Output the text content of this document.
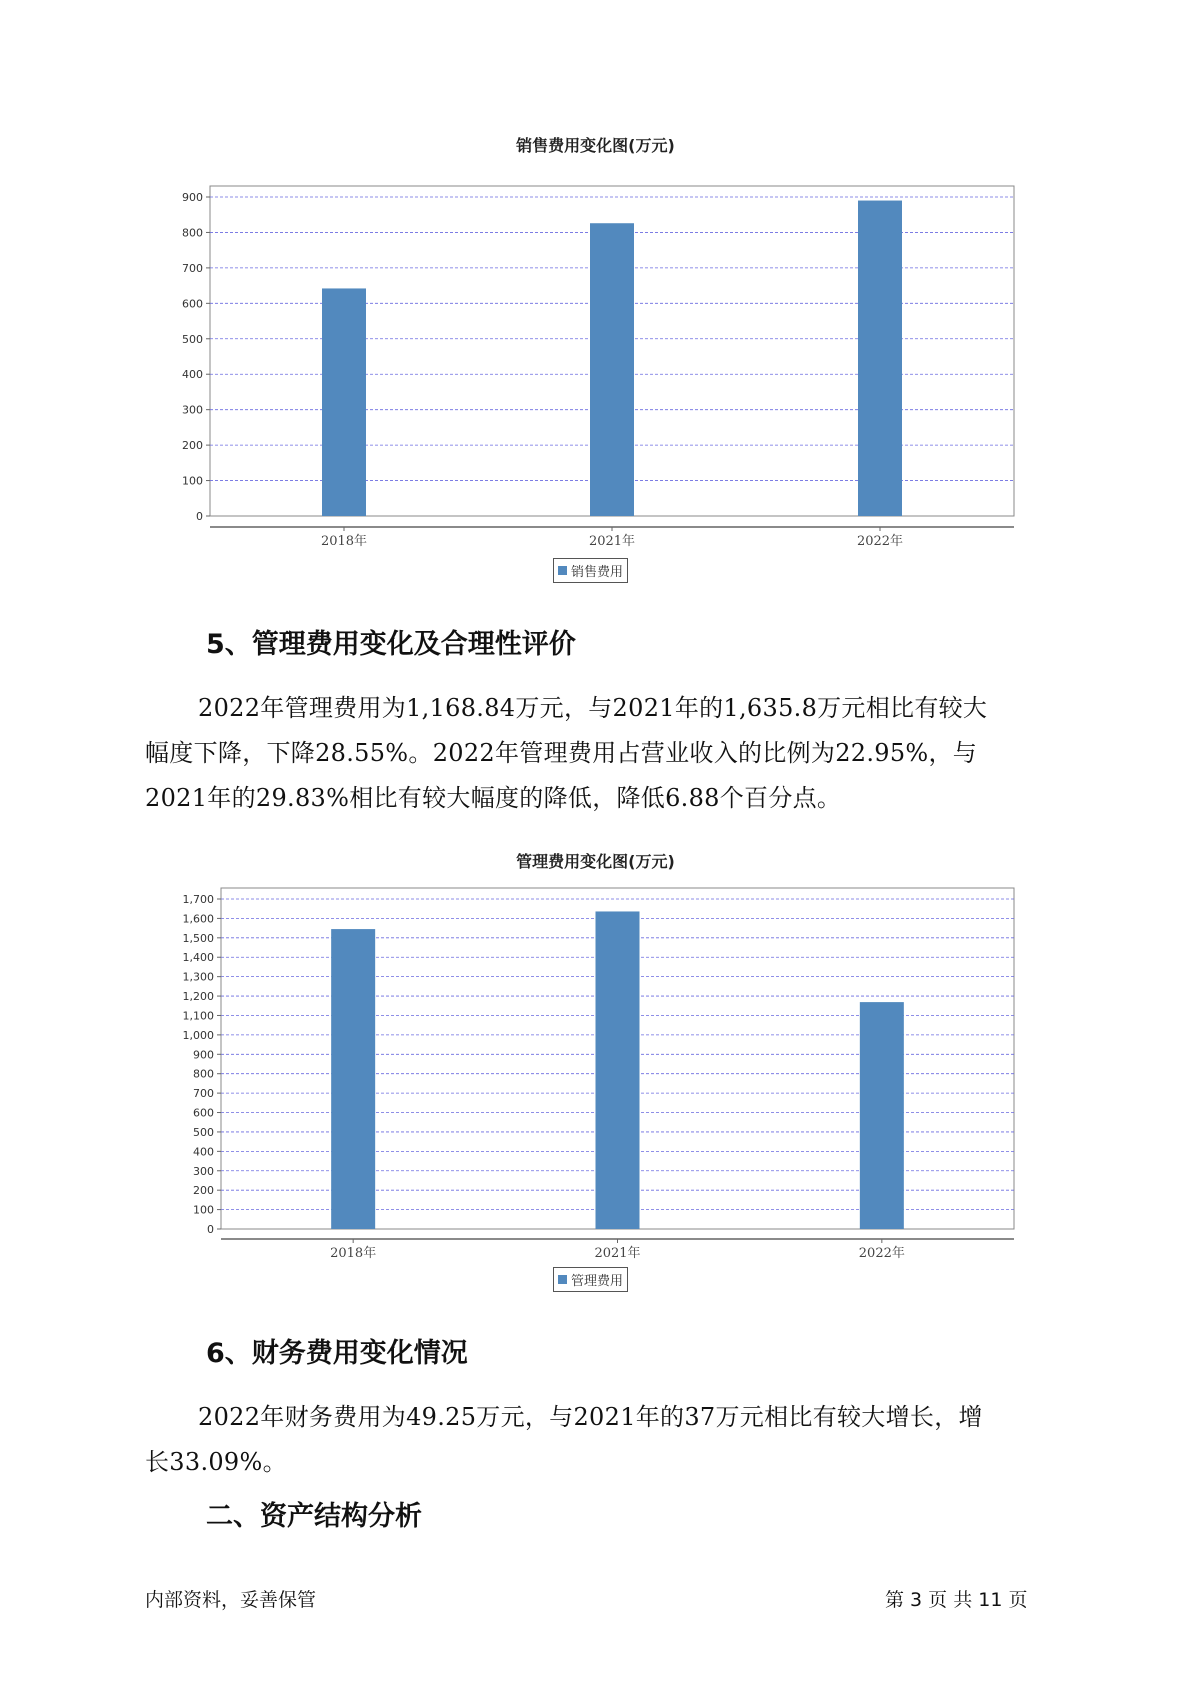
销售费用变化图(万元)
0
100
200
300
400
500
600
700
800
900
2018年	2021年	2022年
销售费用
5、管理费用变化及合理性评价
2022年管理费用为1,168.84万元，与2021年的1,635.8万元相比有较大
幅度下降，下降28.55%。2022年管理费用占营业收入的比例为22.95%，与
2021年的29.83%相比有较大幅度的降低，降低6.88个百分点。
管理费用变化图(万元)
0
100
200
300
400
500
600
700
800
900
1,000
1,100
1,200
1,300
1,400
1,500
1,600
1,700
2018年	2021年	2022年
管理费用
6、财务费用变化情况
2022年财务费用为49.25万元，与2021年的37万元相比有较大增长，增
长33.09%。
二、资产结构分析
内部资料，妥善保管	第 3 页 共 11 页
